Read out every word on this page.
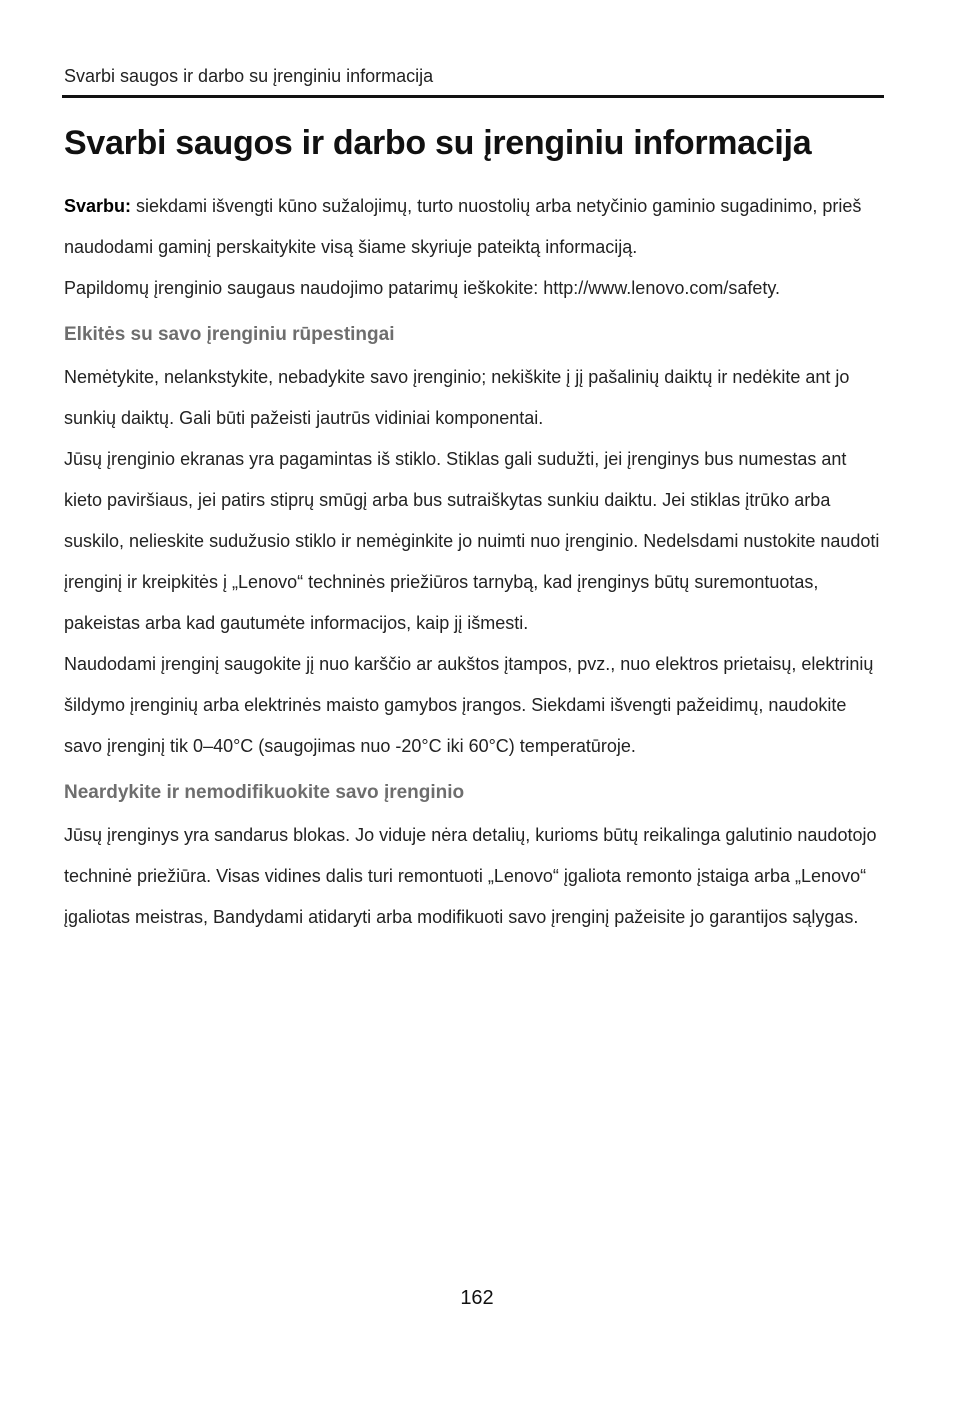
Svarbi saugos ir darbo su įrenginiu informacija
Svarbi saugos ir darbo su įrenginiu informacija

Svarbu: siekdami išvengti kūno sužalojimų, turto nuostolių arba netyčinio gaminio sugadinimo, prieš naudodami gaminį perskaitykite visą šiame skyriuje pateiktą informaciją.

Papildomų įrenginio saugaus naudojimo patarimų ieškokite: http://www.lenovo.com/safety.

Elkitės su savo įrenginiu rūpestingai

Nemėtykite, nelankstykite, nebadykite savo įrenginio; nekiškite į jį pašalinių daiktų ir nedėkite ant jo sunkių daiktų. Gali būti pažeisti jautrūs vidiniai komponentai.

Jūsų įrenginio ekranas yra pagamintas iš stiklo. Stiklas gali sudužti, jei įrenginys bus numestas ant kieto paviršiaus, jei patirs stiprų smūgį arba bus sutraiškytas sunkiu daiktu. Jei stiklas įtrūko arba suskilo, nelieskite sudužusio stiklo ir nemėginkite jo nuimti nuo įrenginio. Nedelsdami nustokite naudoti įrenginį ir kreipkitės į „Lenovo“ techninės priežiūros tarnybą, kad įrenginys būtų suremontuotas, pakeistas arba kad gautumėte informacijos, kaip jį išmesti.

Naudodami įrenginį saugokite jį nuo karščio ar aukštos įtampos, pvz., nuo elektros prietaisų, elektrinių šildymo įrenginių arba elektrinės maisto gamybos įrangos. Siekdami išvengti pažeidimų, naudokite savo įrenginį tik 0–40°C (saugojimas nuo -20°C iki 60°C) temperatūroje.

Neardykite ir nemodifikuokite savo įrenginio

Jūsų įrenginys yra sandarus blokas. Jo viduje nėra detalių, kurioms būtų reikalinga galutinio naudotojo techninė priežiūra. Visas vidines dalis turi remontuoti „Lenovo“ įgaliota remonto įstaiga arba „Lenovo“ įgaliotas meistras, Bandydami atidaryti arba modifikuoti savo įrenginį pažeisite jo garantijos sąlygas.

162
